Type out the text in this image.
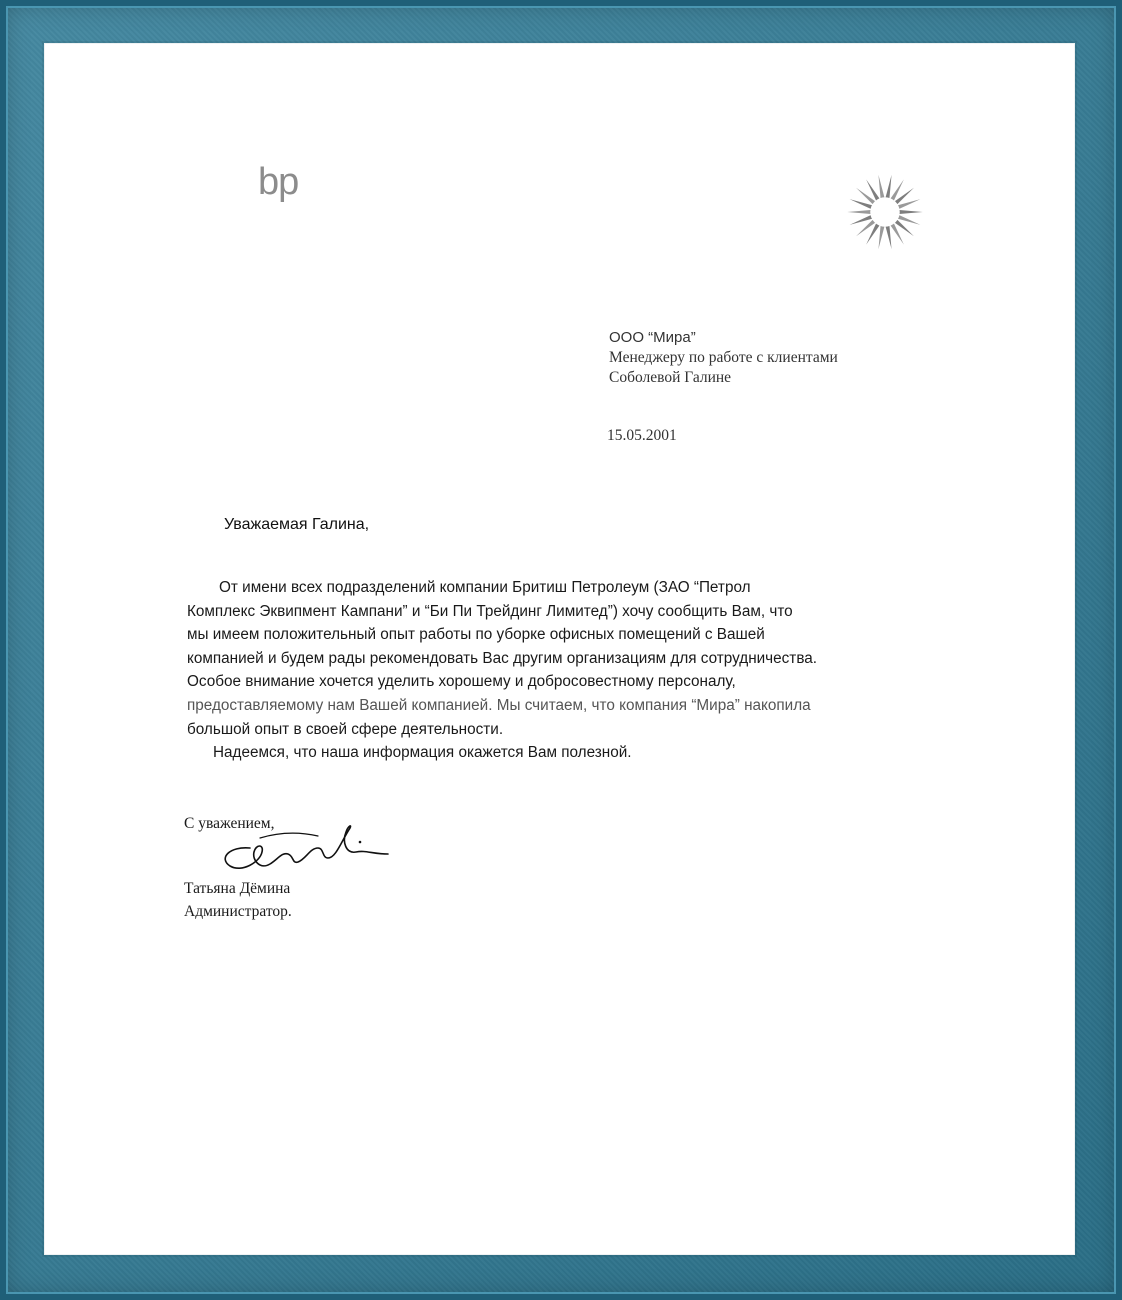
bp
ООО “Мира”
Менеджеру по работе с клиентами
Соболевой Галине
15.05.2001
Уважаемая Галина,
От имени всех подразделений компании Бритиш Петролеум (ЗАО “Петрол
Комплекс Эквипмент Кампани” и “Би Пи Трейдинг Лимитед”) хочу сообщить Вам, что
мы имеем положительный опыт работы по уборке офисных помещений с Вашей
компанией и будем рады рекомендовать Вас другим организациям для сотрудничества.
Особое внимание хочется уделить хорошему и добросовестному персоналу,
предоставляемому нам Вашей компанией. Мы считаем, что компания “Мира” накопила
большой опыт в своей сфере деятельности.
Надеемся, что наша информация окажется Вам полезной.
С уважением,
Татьяна Дёмина
Администратор.
